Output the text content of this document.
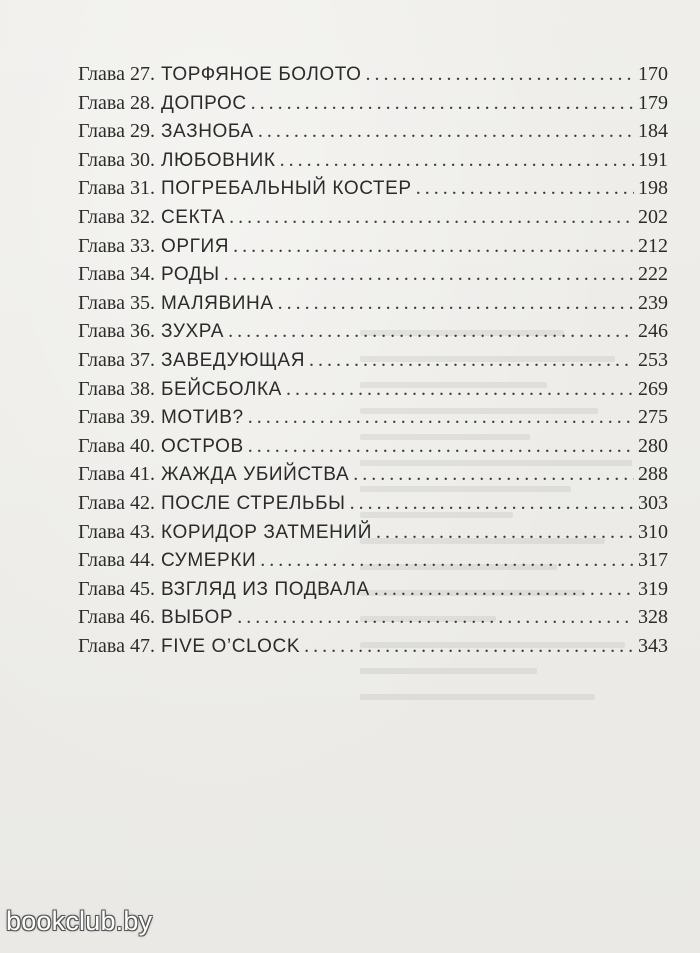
Глава 27. ТОРФЯНОЕ БОЛОТО . . .	170
Глава 28. ДОПРОС . . .	179
Глава 29. ЗАЗНОБА . . .	184
Глава 30. ЛЮБОВНИК . . .	191
Глава 31. ПОГРЕБАЛЬНЫЙ КОСТЕР . . .	198
Глава 32. СЕКТА . . .	202
Глава 33. ОРГИЯ . . .	212
Глава 34. РОДЫ . . .	222
Глава 35. МАЛЯВИНА . . .	239
Глава 36. ЗУХРА . . .	246
Глава 37. ЗАВЕДУЮЩАЯ . . .	253
Глава 38. БЕЙСБОЛКА . . .	269
Глава 39. МОТИВ? . . .	275
Глава 40. ОСТРОВ . . .	280
Глава 41. ЖАЖДА УБИЙСТВА . . .	288
Глава 42. ПОСЛЕ СТРЕЛЬБЫ . . .	303
Глава 43. КОРИДОР ЗАТМЕНИЙ . . .	310
Глава 44. СУМЕРКИ . . .	317
Глава 45. ВЗГЛЯД ИЗ ПОДВАЛА . . .	319
Глава 46. ВЫБОР . . .	328
Глава 47. FIVE O’CLOCK . . .	343
bookclub.by
